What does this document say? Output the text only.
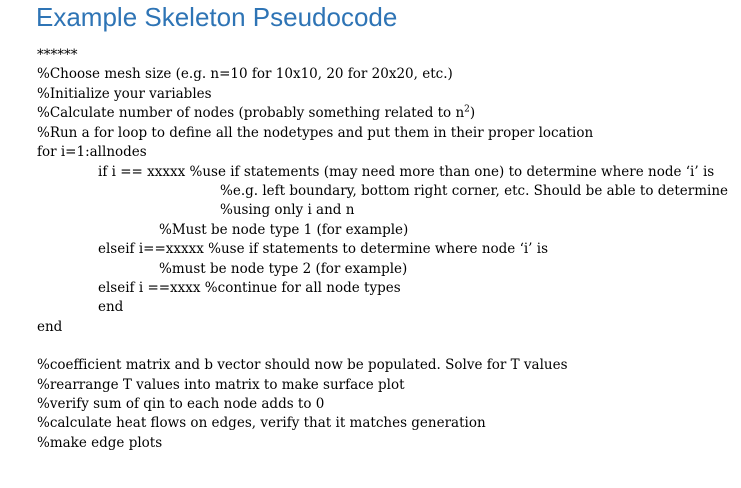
Example Skeleton Pseudocode
******
%Choose mesh size (e.g. n=10 for 10x10, 20 for 20x20, etc.)
%Initialize your variables
%Calculate number of nodes (probably something related to $n^2$)
%Run a for loop to define all the nodetypes and put them in their proper location
for i=1:allnodes
if i == xxxxx %use if statements (may need more than one) to determine where node ‘i’ is
%e.g. left boundary, bottom right corner, etc. Should be able to determine
%using only i and n
%Must be node type 1 (for example)
elseif i==xxxxx %use if statements to determine where node ‘i’ is
%must be node type 2 (for example)
elseif i ==xxxx %continue for all node types
end
end
%coefficient matrix and b vector should now be populated. Solve for T values
%rearrange T values into matrix to make surface plot
%verify sum of qin to each node adds to 0
%calculate heat flows on edges, verify that it matches generation
%make edge plots
